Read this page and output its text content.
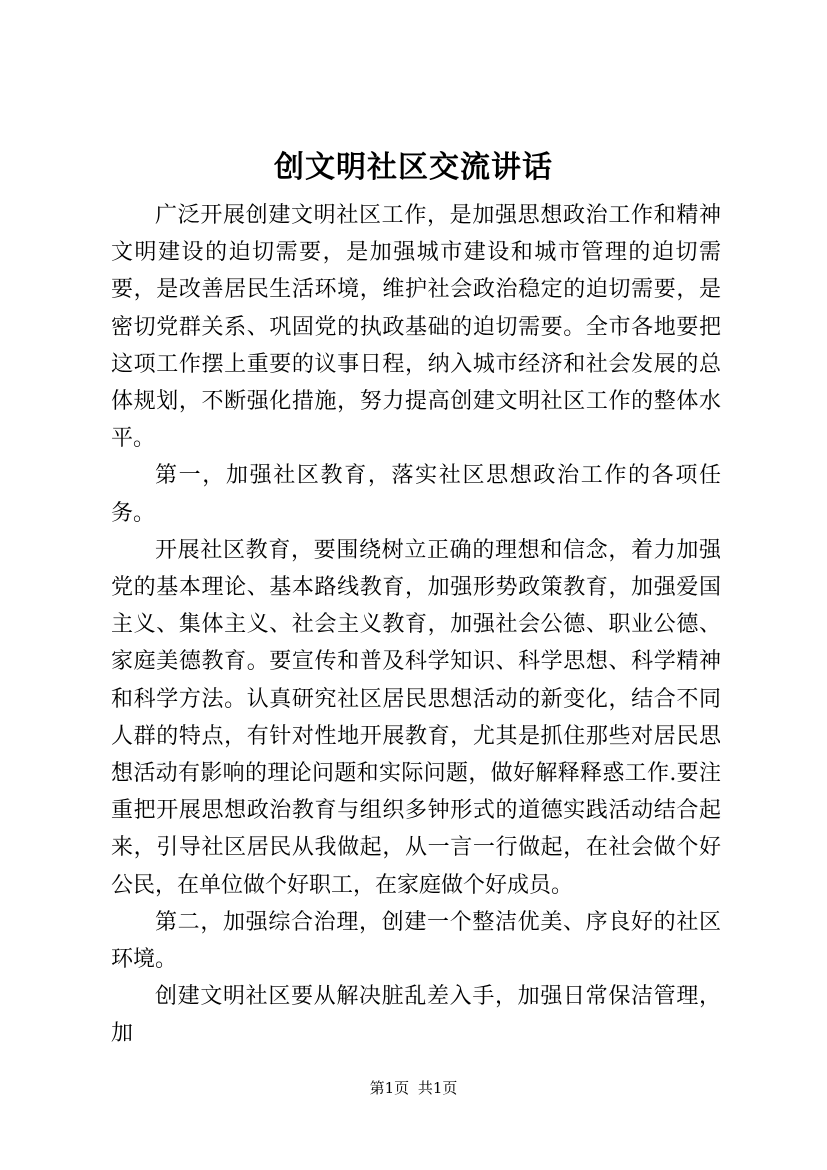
创文明社区交流讲话

广泛开展创建文明社区工作，是加强思想政治工作和精神文明建设的迫切需要，是加强城市建设和城市管理的迫切需要，是改善居民生活环境，维护社会政治稳定的迫切需要，是密切党群关系、巩固党的执政基础的迫切需要。全市各地要把这项工作摆上重要的议事日程，纳入城市经济和社会发展的总体规划，不断强化措施，努力提高创建文明社区工作的整体水平。

第一，加强社区教育，落实社区思想政治工作的各项任务。

开展社区教育，要围绕树立正确的理想和信念，着力加强党的基本理论、基本路线教育，加强形势政策教育，加强爱国主义、集体主义、社会主义教育，加强社会公德、职业公德、家庭美德教育。要宣传和普及科学知识、科学思想、科学精神和科学方法。认真研究社区居民思想活动的新变化，结合不同人群的特点，有针对性地开展教育，尤其是抓住那些对居民思想活动有影响的理论问题和实际问题，做好解释释惑工作.要注重把开展思想政治教育与组织多钟形式的道德实践活动结合起来，引导社区居民从我做起，从一言一行做起，在社会做个好公民，在单位做个好职工，在家庭做个好成员。

第二，加强综合治理，创建一个整洁优美、序良好的社区环境。

创建文明社区要从解决脏乱差入手，加强日常保洁管理，加

第1页 共1页
